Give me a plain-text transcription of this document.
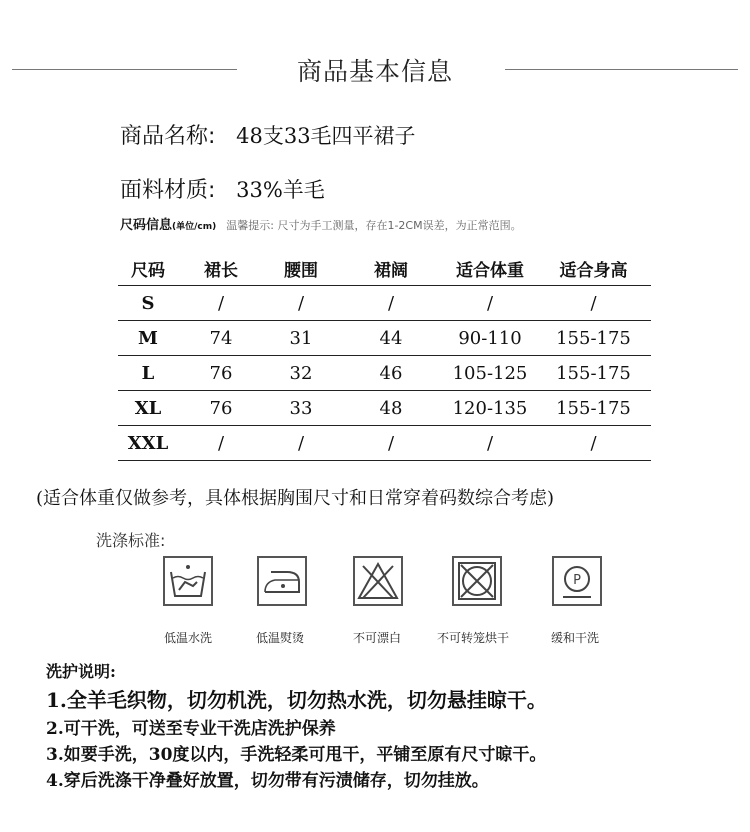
商品基本信息
商品名称: 48支33毛四平裙子
面料材质: 33%羊毛
尺码信息(单位/cm) 温馨提示: 尺寸为手工测量，存在1-2CM误差，为正常范围。
尺码	裙长	腰围	裙阔	适合体重	适合身高
S	/	/	/	/	/
M	74	31	44	90-110	155-175
L	76	32	46	105-125	155-175
XL	76	33	48	120-135	155-175
XXL	/	/	/	/	/
(适合体重仅做参考，具体根据胸围尺寸和日常穿着码数综合考虑)
洗涤标准:
P
低温水洗	低温熨烫	不可漂白	不可转笼烘干	缓和干洗
洗护说明:
1.全羊毛织物，切勿机洗，切勿热水洗，切勿悬挂晾干。
2.可干洗，可送至专业干洗店洗护保养
3.如要手洗，30度以内，手洗轻柔可甩干，平铺至原有尺寸晾干。
4.穿后洗涤干净叠好放置，切勿带有污渍储存，切勿挂放。
